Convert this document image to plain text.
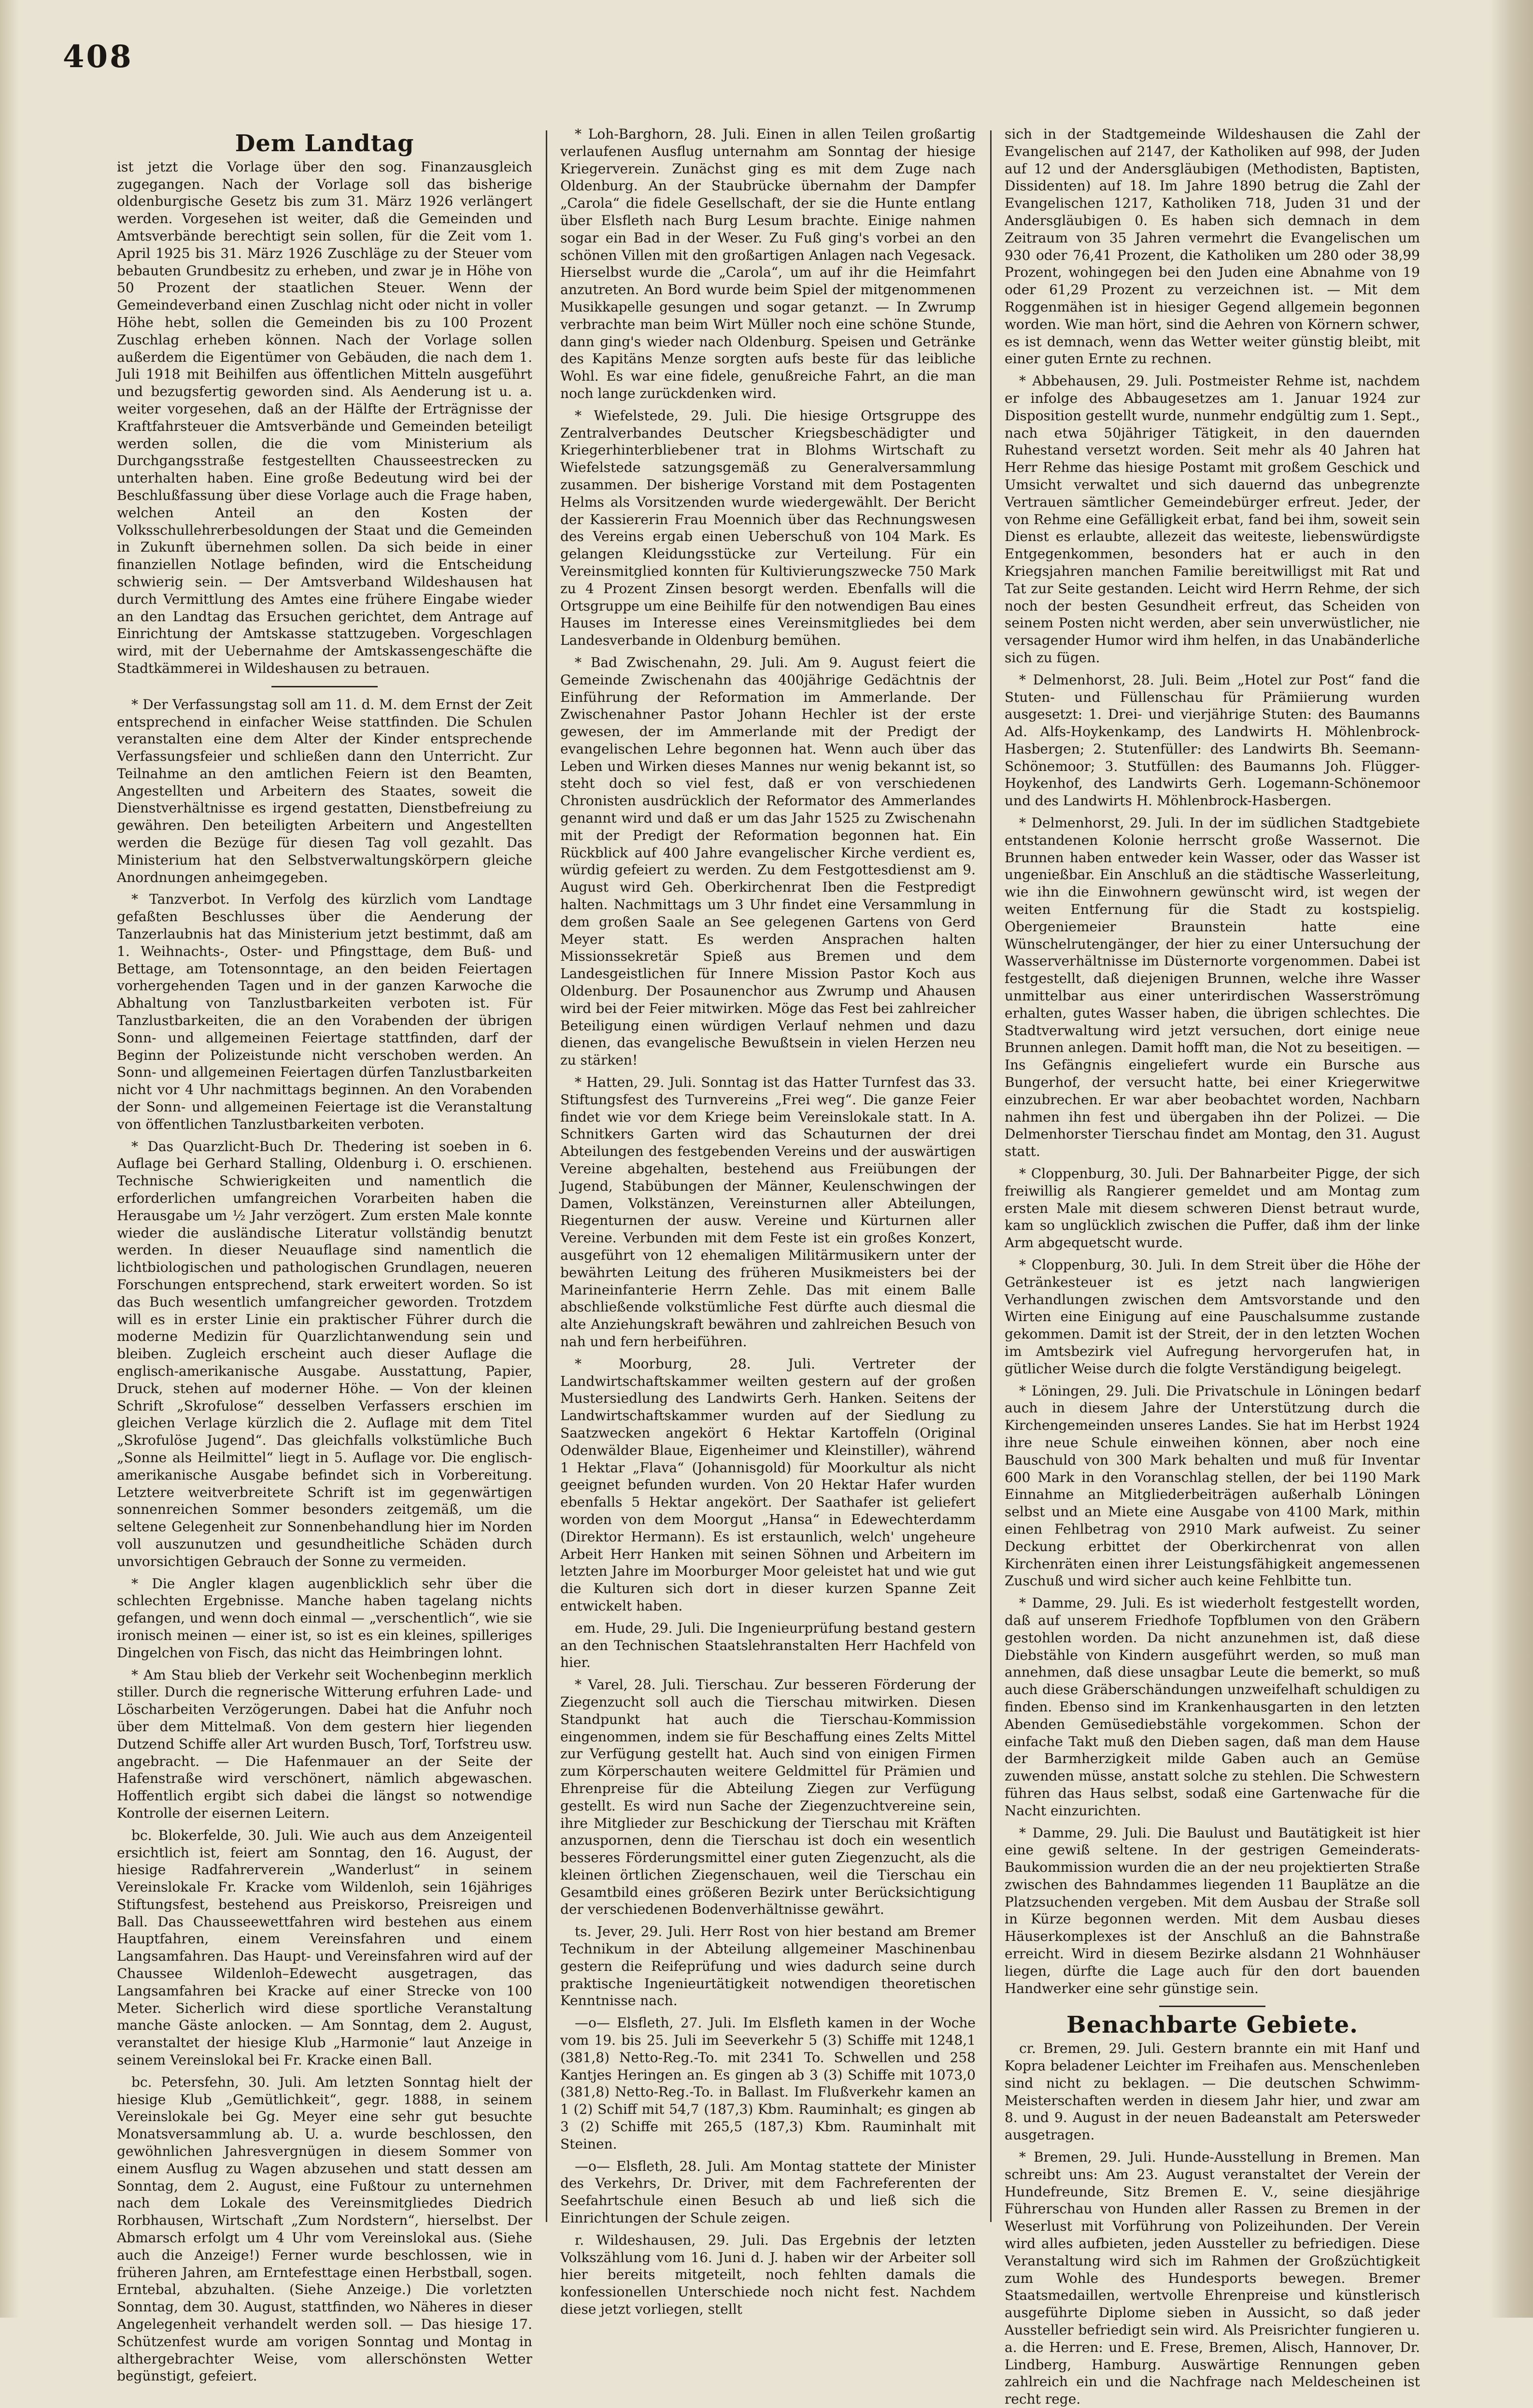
408
Dem Landtag

ist jetzt die Vorlage über den sog. Finanzausgleich zugegangen. Nach der Vorlage soll das bisherige oldenburgische Gesetz bis zum 31. März 1926 verlängert werden. Vorgesehen ist weiter, daß die Gemeinden und Amtsverbände berechtigt sein sollen, für die Zeit vom 1. April 1925 bis 31. März 1926 Zuschläge zu der Steuer vom bebauten Grundbesitz zu erheben, und zwar je in Höhe von 50 Prozent der staatlichen Steuer. Wenn der Gemeindeverband einen Zuschlag nicht oder nicht in voller Höhe hebt, sollen die Gemeinden bis zu 100 Prozent Zuschlag erheben können. Nach der Vorlage sollen außerdem die Eigentümer von Gebäuden, die nach dem 1. Juli 1918 mit Beihilfen aus öffentlichen Mitteln ausgeführt und bezugsfertig geworden sind. Als Aenderung ist u. a. weiter vorgesehen, daß an der Hälfte der Erträgnisse der Kraftfahrsteuer die Amtsverbände und Gemeinden beteiligt werden sollen, die die vom Ministerium als Durchgangsstraße festgestellten Chausseestrecken zu unterhalten haben. Eine große Bedeutung wird bei der Beschlußfassung über diese Vorlage auch die Frage haben, welchen Anteil an den Kosten der Volksschullehrerbesoldungen der Staat und die Gemeinden in Zukunft übernehmen sollen. Da sich beide in einer finanziellen Notlage befinden, wird die Entscheidung schwierig sein. — Der Amtsverband Wildeshausen hat durch Vermittlung des Amtes eine frühere Eingabe wieder an den Landtag das Ersuchen gerichtet, dem Antrage auf Einrichtung der Amtskasse stattzugeben. Vorgeschlagen wird, mit der Uebernahme der Amtskassengeschäfte die Stadtkämmerei in Wildeshausen zu betrauen.

* Der Verfassungstag soll am 11. d. M. dem Ernst der Zeit entsprechend in einfacher Weise stattfinden. Die Schulen veranstalten eine dem Alter der Kinder entsprechende Verfassungsfeier und schließen dann den Unterricht. Zur Teilnahme an den amtlichen Feiern ist den Beamten, Angestellten und Arbeitern des Staates, soweit die Dienstverhältnisse es irgend gestatten, Dienstbefreiung zu gewähren. Den beteiligten Arbeitern und Angestellten werden die Bezüge für diesen Tag voll gezahlt. Das Ministerium hat den Selbstverwaltungskörpern gleiche Anordnungen anheimgegeben.

* Tanzverbot. In Verfolg des kürzlich vom Landtage gefaßten Beschlusses über die Aenderung der Tanzerlaubnis hat das Ministerium jetzt bestimmt, daß am 1. Weihnachts-, Oster- und Pfingsttage, dem Buß- und Bettage, am Totensonntage, an den beiden Feiertagen vorhergehenden Tagen und in der ganzen Karwoche die Abhaltung von Tanzlustbarkeiten verboten ist. Für Tanzlustbarkeiten, die an den Vorabenden der übrigen Sonn- und allgemeinen Feiertage stattfinden, darf der Beginn der Polizeistunde nicht verschoben werden. An Sonn- und allgemeinen Feiertagen dürfen Tanzlustbarkeiten nicht vor 4 Uhr nachmittags beginnen. An den Vorabenden der Sonn- und allgemeinen Feiertage ist die Veranstaltung von öffentlichen Tanzlustbarkeiten verboten.

* Das Quarzlicht-Buch Dr. Thedering ist soeben in 6. Auflage bei Gerhard Stalling, Oldenburg i. O. erschienen. Technische Schwierigkeiten und namentlich die erforderlichen umfangreichen Vorarbeiten haben die Herausgabe um ½ Jahr verzögert. Zum ersten Male konnte wieder die ausländische Literatur vollständig benutzt werden. In dieser Neuauflage sind namentlich die lichtbiologischen und pathologischen Grundlagen, neueren Forschungen entsprechend, stark erweitert worden. So ist das Buch wesentlich umfangreicher geworden. Trotzdem will es in erster Linie ein praktischer Führer durch die moderne Medizin für Quarzlichtanwendung sein und bleiben. Zugleich erscheint auch dieser Auflage die englisch-amerikanische Ausgabe. Ausstattung, Papier, Druck, stehen auf moderner Höhe. — Von der kleinen Schrift „Skrofulose“ desselben Verfassers erschien im gleichen Verlage kürzlich die 2. Auflage mit dem Titel „Skrofulöse Jugend“. Das gleichfalls volkstümliche Buch „Sonne als Heilmittel“ liegt in 5. Auflage vor. Die englisch-amerikanische Ausgabe befindet sich in Vorbereitung. Letztere weitverbreitete Schrift ist im gegenwärtigen sonnenreichen Sommer besonders zeitgemäß, um die seltene Gelegenheit zur Sonnenbehandlung hier im Norden voll auszunutzen und gesundheitliche Schäden durch unvorsichtigen Gebrauch der Sonne zu vermeiden.

* Die Angler klagen augenblicklich sehr über die schlechten Ergebnisse. Manche haben tagelang nichts gefangen, und wenn doch einmal — „verschentlich“, wie sie ironisch meinen — einer ist, so ist es ein kleines, spilleriges Dingelchen von Fisch, das nicht das Heimbringen lohnt.

* Am Stau blieb der Verkehr seit Wochenbeginn merklich stiller. Durch die regnerische Witterung erfuhren Lade- und Löscharbeiten Verzögerungen. Dabei hat die Anfuhr noch über dem Mittelmaß. Von dem gestern hier liegenden Dutzend Schiffe aller Art wurden Busch, Torf, Torfstreu usw. angebracht. — Die Hafenmauer an der Seite der Hafenstraße wird verschönert, nämlich abgewaschen. Hoffentlich ergibt sich dabei die längst so notwendige Kontrolle der eisernen Leitern.

bc. Blokerfelde, 30. Juli. Wie auch aus dem Anzeigenteil ersichtlich ist, feiert am Sonntag, den 16. August, der hiesige Radfahrerverein „Wanderlust“ in seinem Vereinslokale Fr. Kracke vom Wildenloh, sein 16jähriges Stiftungsfest, bestehend aus Preiskorso, Preisreigen und Ball. Das Chausseewettfahren wird bestehen aus einem Hauptfahren, einem Vereinsfahren und einem Langsamfahren. Das Haupt- und Vereinsfahren wird auf der Chaussee Wildenloh–Edewecht ausgetragen, das Langsamfahren bei Kracke auf einer Strecke von 100 Meter. Sicherlich wird diese sportliche Veranstaltung manche Gäste anlocken. — Am Sonntag, dem 2. August, veranstaltet der hiesige Klub „Harmonie“ laut Anzeige in seinem Vereinslokal bei Fr. Kracke einen Ball.

bc. Petersfehn, 30. Juli. Am letzten Sonntag hielt der hiesige Klub „Gemütlichkeit“, gegr. 1888, in seinem Vereinslokale bei Gg. Meyer eine sehr gut besuchte Monatsversammlung ab. U. a. wurde beschlossen, den gewöhnlichen Jahresvergnügen in diesem Sommer von einem Ausflug zu Wagen abzusehen und statt dessen am Sonntag, dem 2. August, eine Fußtour zu unternehmen nach dem Lokale des Vereinsmitgliedes Diedrich Rorbhausen, Wirtschaft „Zum Nordstern“, hierselbst. Der Abmarsch erfolgt um 4 Uhr vom Vereinslokal aus. (Siehe auch die Anzeige!) Ferner wurde beschlossen, wie in früheren Jahren, am Erntefesttage einen Herbstball, sogen. Erntebal, abzuhalten. (Siehe Anzeige.) Die vorletzten Sonntag, dem 30. August, stattfinden, wo Näheres in dieser Angelegenheit verhandelt werden soll. — Das hiesige 17. Schützenfest wurde am vorigen Sonntag und Montag in althergebrachter Weise, vom allerschönsten Wetter begünstigt, gefeiert.

* Loh-Barghorn, 28. Juli. Einen in allen Teilen großartig verlaufenen Ausflug unternahm am Sonntag der hiesige Kriegerverein. Zunächst ging es mit dem Zuge nach Oldenburg. An der Staubrücke übernahm der Dampfer „Carola“ die fidele Gesellschaft, der sie die Hunte entlang über Elsfleth nach Burg Lesum brachte. Einige nahmen sogar ein Bad in der Weser. Zu Fuß ging's vorbei an den schönen Villen mit den großartigen Anlagen nach Vegesack. Hierselbst wurde die „Carola“, um auf ihr die Heimfahrt anzutreten. An Bord wurde beim Spiel der mitgenommenen Musikkapelle gesungen und sogar getanzt. — In Zwrump verbrachte man beim Wirt Müller noch eine schöne Stunde, dann ging's wieder nach Oldenburg. Speisen und Getränke des Kapitäns Menze sorgten aufs beste für das leibliche Wohl. Es war eine fidele, genußreiche Fahrt, an die man noch lange zurückdenken wird.

* Wiefelstede, 29. Juli. Die hiesige Ortsgruppe des Zentralverbandes Deutscher Kriegsbeschädigter und Kriegerhinterbliebener trat in Blohms Wirtschaft zu Wiefelstede satzungsgemäß zu Generalversammlung zusammen. Der bisherige Vorstand mit dem Postagenten Helms als Vorsitzenden wurde wiedergewählt. Der Bericht der Kassiererin Frau Moennich über das Rechnungswesen des Vereins ergab einen Ueberschuß von 104 Mark. Es gelangen Kleidungsstücke zur Verteilung. Für ein Vereinsmitglied konnten für Kultivierungszwecke 750 Mark zu 4 Prozent Zinsen besorgt werden. Ebenfalls will die Ortsgruppe um eine Beihilfe für den notwendigen Bau eines Hauses im Interesse eines Vereinsmitgliedes bei dem Landesverbande in Oldenburg bemühen.

* Bad Zwischenahn, 29. Juli. Am 9. August feiert die Gemeinde Zwischenahn das 400jährige Gedächtnis der Einführung der Reformation im Ammerlande. Der Zwischenahner Pastor Johann Hechler ist der erste gewesen, der im Ammerlande mit der Predigt der evangelischen Lehre begonnen hat. Wenn auch über das Leben und Wirken dieses Mannes nur wenig bekannt ist, so steht doch so viel fest, daß er von verschiedenen Chronisten ausdrücklich der Reformator des Ammerlandes genannt wird und daß er um das Jahr 1525 zu Zwischenahn mit der Predigt der Reformation begonnen hat. Ein Rückblick auf 400 Jahre evangelischer Kirche verdient es, würdig gefeiert zu werden. Zu dem Festgottesdienst am 9. August wird Geh. Oberkirchenrat Iben die Festpredigt halten. Nachmittags um 3 Uhr findet eine Versammlung in dem großen Saale an See gelegenen Gartens von Gerd Meyer statt. Es werden Ansprachen halten Missionssekretär Spieß aus Bremen und dem Landesgeistlichen für Innere Mission Pastor Koch aus Oldenburg. Der Posaunenchor aus Zwrump und Ahausen wird bei der Feier mitwirken. Möge das Fest bei zahlreicher Beteiligung einen würdigen Verlauf nehmen und dazu dienen, das evangelische Bewußtsein in vielen Herzen neu zu stärken!

* Hatten, 29. Juli. Sonntag ist das Hatter Turnfest das 33. Stiftungsfest des Turnvereins „Frei weg“. Die ganze Feier findet wie vor dem Kriege beim Vereinslokale statt. In A. Schnitkers Garten wird das Schauturnen der drei Abteilungen des festgebenden Vereins und der auswärtigen Vereine abgehalten, bestehend aus Freiübungen der Jugend, Stabübungen der Männer, Keulenschwingen der Damen, Volkstänzen, Vereinsturnen aller Abteilungen, Riegenturnen der ausw. Vereine und Kürturnen aller Vereine. Verbunden mit dem Feste ist ein großes Konzert, ausgeführt von 12 ehemaligen Militärmusikern unter der bewährten Leitung des früheren Musikmeisters bei der Marineinfanterie Herrn Zehle. Das mit einem Balle abschließende volkstümliche Fest dürfte auch diesmal die alte Anziehungskraft bewähren und zahlreichen Besuch von nah und fern herbeiführen.

* Moorburg, 28. Juli. Vertreter der Landwirtschaftskammer weilten gestern auf der großen Mustersiedlung des Landwirts Gerh. Hanken. Seitens der Landwirtschaftskammer wurden auf der Siedlung zu Saatzwecken angekört 6 Hektar Kartoffeln (Original Odenwälder Blaue, Eigenheimer und Kleinstiller), während 1 Hektar „Flava“ (Johannisgold) für Moorkultur als nicht geeignet befunden wurden. Von 20 Hektar Hafer wurden ebenfalls 5 Hektar angekört. Der Saathafer ist geliefert worden von dem Moorgut „Hansa“ in Edewechterdamm (Direktor Hermann). Es ist erstaunlich, welch' ungeheure Arbeit Herr Hanken mit seinen Söhnen und Arbeitern im letzten Jahre im Moorburger Moor geleistet hat und wie gut die Kulturen sich dort in dieser kurzen Spanne Zeit entwickelt haben.

em. Hude, 29. Juli. Die Ingenieurprüfung bestand gestern an den Technischen Staatslehranstalten Herr Hachfeld von hier.

* Varel, 28. Juli. Tierschau. Zur besseren Förderung der Ziegenzucht soll auch die Tierschau mitwirken. Diesen Standpunkt hat auch die Tierschau-Kommission eingenommen, indem sie für Beschaffung eines Zelts Mittel zur Verfügung gestellt hat. Auch sind von einigen Firmen zum Körperschauten weitere Geldmittel für Prämien und Ehrenpreise für die Abteilung Ziegen zur Verfügung gestellt. Es wird nun Sache der Ziegenzuchtvereine sein, ihre Mitglieder zur Beschickung der Tierschau mit Kräften anzuspornen, denn die Tierschau ist doch ein wesentlich besseres Förderungsmittel einer guten Ziegenzucht, als die kleinen örtlichen Ziegenschauen, weil die Tierschau ein Gesamtbild eines größeren Bezirk unter Berücksichtigung der verschiedenen Bodenverhältnisse gewährt.

ts. Jever, 29. Juli. Herr Rost von hier bestand am Bremer Technikum in der Abteilung allgemeiner Maschinenbau gestern die Reifeprüfung und wies dadurch seine durch praktische Ingenieurtätigkeit notwendigen theoretischen Kenntnisse nach.

—o— Elsfleth, 27. Juli. Im Elsfleth kamen in der Woche vom 19. bis 25. Juli im Seeverkehr 5 (3) Schiffe mit 1248,1 (381,8) Netto-Reg.-To. mit 2341 To. Schwellen und 258 Kantjes Heringen an. Es gingen ab 3 (3) Schiffe mit 1073,0 (381,8) Netto-Reg.-To. in Ballast. Im Flußverkehr kamen an 1 (2) Schiff mit 54,7 (187,3) Kbm. Rauminhalt; es gingen ab 3 (2) Schiffe mit 265,5 (187,3) Kbm. Rauminhalt mit Steinen.

—o— Elsfleth, 28. Juli. Am Montag stattete der Minister des Verkehrs, Dr. Driver, mit dem Fachreferenten der Seefahrtschule einen Besuch ab und ließ sich die Einrichtungen der Schule zeigen.

r. Wildeshausen, 29. Juli. Das Ergebnis der letzten Volkszählung vom 16. Juni d. J. haben wir der Arbeiter soll hier bereits mitgeteilt, noch fehlten damals die konfessionellen Unterschiede noch nicht fest. Nachdem diese jetzt vorliegen, stellt

sich in der Stadtgemeinde Wildeshausen die Zahl der Evangelischen auf 2147, der Katholiken auf 998, der Juden auf 12 und der Andersgläubigen (Methodisten, Baptisten, Dissidenten) auf 18. Im Jahre 1890 betrug die Zahl der Evangelischen 1217, Katholiken 718, Juden 31 und der Andersgläubigen 0. Es haben sich demnach in dem Zeitraum von 35 Jahren vermehrt die Evangelischen um 930 oder 76,41 Prozent, die Katholiken um 280 oder 38,99 Prozent, wohingegen bei den Juden eine Abnahme von 19 oder 61,29 Prozent zu verzeichnen ist. — Mit dem Roggenmähen ist in hiesiger Gegend allgemein begonnen worden. Wie man hört, sind die Aehren von Körnern schwer, es ist demnach, wenn das Wetter weiter günstig bleibt, mit einer guten Ernte zu rechnen.

* Abbehausen, 29. Juli. Postmeister Rehme ist, nachdem er infolge des Abbaugesetzes am 1. Januar 1924 zur Disposition gestellt wurde, nunmehr endgültig zum 1. Sept., nach etwa 50jähriger Tätigkeit, in den dauernden Ruhestand versetzt worden. Seit mehr als 40 Jahren hat Herr Rehme das hiesige Postamt mit großem Geschick und Umsicht verwaltet und sich dauernd das unbegrenzte Vertrauen sämtlicher Gemeindebürger erfreut. Jeder, der von Rehme eine Gefälligkeit erbat, fand bei ihm, soweit sein Dienst es erlaubte, allezeit das weiteste, liebenswürdigste Entgegenkommen, besonders hat er auch in den Kriegsjahren manchen Familie bereitwilligst mit Rat und Tat zur Seite gestanden. Leicht wird Herrn Rehme, der sich noch der besten Gesundheit erfreut, das Scheiden von seinem Posten nicht werden, aber sein unverwüstlicher, nie versagender Humor wird ihm helfen, in das Unabänderliche sich zu fügen.

* Delmenhorst, 28. Juli. Beim „Hotel zur Post“ fand die Stuten- und Füllenschau für Prämiierung wurden ausgesetzt: 1. Drei- und vierjährige Stuten: des Baumanns Ad. Alfs-Hoykenkamp, des Landwirts H. Möhlenbrock-Hasbergen; 2. Stutenfüller: des Landwirts Bh. Seemann-Schönemoor; 3. Stutfüllen: des Baumanns Joh. Flügger-Hoykenhof, des Landwirts Gerh. Logemann-Schönemoor und des Landwirts H. Möhlenbrock-Hasbergen.

* Delmenhorst, 29. Juli. In der im südlichen Stadtgebiete entstandenen Kolonie herrscht große Wassernot. Die Brunnen haben entweder kein Wasser, oder das Wasser ist ungenießbar. Ein Anschluß an die städtische Wasserleitung, wie ihn die Einwohnern gewünscht wird, ist wegen der weiten Entfernung für die Stadt zu kostspielig. Obergeniemeier Braunstein hatte eine Wünschelrutengänger, der hier zu einer Untersuchung der Wasserverhältnisse im Düsternorte vorgenommen. Dabei ist festgestellt, daß diejenigen Brunnen, welche ihre Wasser unmittelbar aus einer unterirdischen Wasserströmung erhalten, gutes Wasser haben, die übrigen schlechtes. Die Stadtverwaltung wird jetzt versuchen, dort einige neue Brunnen anlegen. Damit hofft man, die Not zu beseitigen. — Ins Gefängnis eingeliefert wurde ein Bursche aus Bungerhof, der versucht hatte, bei einer Kriegerwitwe einzubrechen. Er war aber beobachtet worden, Nachbarn nahmen ihn fest und übergaben ihn der Polizei. — Die Delmenhorster Tierschau findet am Montag, den 31. August statt.

* Cloppenburg, 30. Juli. Der Bahnarbeiter Pigge, der sich freiwillig als Rangierer gemeldet und am Montag zum ersten Male mit diesem schweren Dienst betraut wurde, kam so unglücklich zwischen die Puffer, daß ihm der linke Arm abgequetscht wurde.

* Cloppenburg, 30. Juli. In dem Streit über die Höhe der Getränkesteuer ist es jetzt nach langwierigen Verhandlungen zwischen dem Amtsvorstande und den Wirten eine Einigung auf eine Pauschalsumme zustande gekommen. Damit ist der Streit, der in den letzten Wochen im Amtsbezirk viel Aufregung hervorgerufen hat, in gütlicher Weise durch die folgte Verständigung beigelegt.

* Löningen, 29. Juli. Die Privatschule in Löningen bedarf auch in diesem Jahre der Unterstützung durch die Kirchengemeinden unseres Landes. Sie hat im Herbst 1924 ihre neue Schule einweihen können, aber noch eine Bauschuld von 300 Mark behalten und muß für Inventar 600 Mark in den Voranschlag stellen, der bei 1190 Mark Einnahme an Mitgliederbeiträgen außerhalb Löningen selbst und an Miete eine Ausgabe von 4100 Mark, mithin einen Fehlbetrag von 2910 Mark aufweist. Zu seiner Deckung erbittet der Oberkirchenrat von allen Kirchenräten einen ihrer Leistungsfähigkeit angemessenen Zuschuß und wird sicher auch keine Fehlbitte tun.

* Damme, 29. Juli. Es ist wiederholt festgestellt worden, daß auf unserem Friedhofe Topfblumen von den Gräbern gestohlen worden. Da nicht anzunehmen ist, daß diese Diebstähle von Kindern ausgeführt werden, so muß man annehmen, daß diese unsagbar Leute die bemerkt, so muß auch diese Gräberschändungen unzweifelhaft schuldigen zu finden. Ebenso sind im Krankenhausgarten in den letzten Abenden Gemüsediebstähle vorgekommen. Schon der einfache Takt muß den Dieben sagen, daß man dem Hause der Barmherzigkeit milde Gaben auch an Gemüse zuwenden müsse, anstatt solche zu stehlen. Die Schwestern führen das Haus selbst, sodaß eine Gartenwache für die Nacht einzurichten.

* Damme, 29. Juli. Die Baulust und Bautätigkeit ist hier eine gewiß seltene. In der gestrigen Gemeinderats-Baukommission wurden die an der neu projektierten Straße zwischen des Bahndammes liegenden 11 Bauplätze an die Platzsuchenden vergeben. Mit dem Ausbau der Straße soll in Kürze begonnen werden. Mit dem Ausbau dieses Häuserkomplexes ist der Anschluß an die Bahnstraße erreicht. Wird in diesem Bezirke alsdann 21 Wohnhäuser liegen, dürfte die Lage auch für den dort bauenden Handwerker eine sehr günstige sein.

Benachbarte Gebiete.

cr. Bremen, 29. Juli. Gestern brannte ein mit Hanf und Kopra beladener Leichter im Freihafen aus. Menschenleben sind nicht zu beklagen. — Die deutschen Schwimm-Meisterschaften werden in diesem Jahr hier, und zwar am 8. und 9. August in der neuen Badeanstalt am Petersweder ausgetragen.

* Bremen, 29. Juli. Hunde-Ausstellung in Bremen. Man schreibt uns: Am 23. August veranstaltet der Verein der Hundefreunde, Sitz Bremen E. V., seine diesjährige Führerschau von Hunden aller Rassen zu Bremen in der Weserlust mit Vorführung von Polizeihunden. Der Verein wird alles aufbieten, jeden Aussteller zu befriedigen. Diese Veranstaltung wird sich im Rahmen der Großzüchtigkeit zum Wohle des Hundesports bewegen. Bremer Staatsmedaillen, wertvolle Ehrenpreise und künstlerisch ausgeführte Diplome sieben in Aussicht, so daß jeder Aussteller befriedigt sein wird. Als Preisrichter fungieren u. a. die Herren: und E. Frese, Bremen, Alisch, Hannover, Dr. Lindberg, Hamburg. Auswärtige Rennungen geben zahlreich ein und die Nachfrage nach Meldescheinen ist recht rege.
